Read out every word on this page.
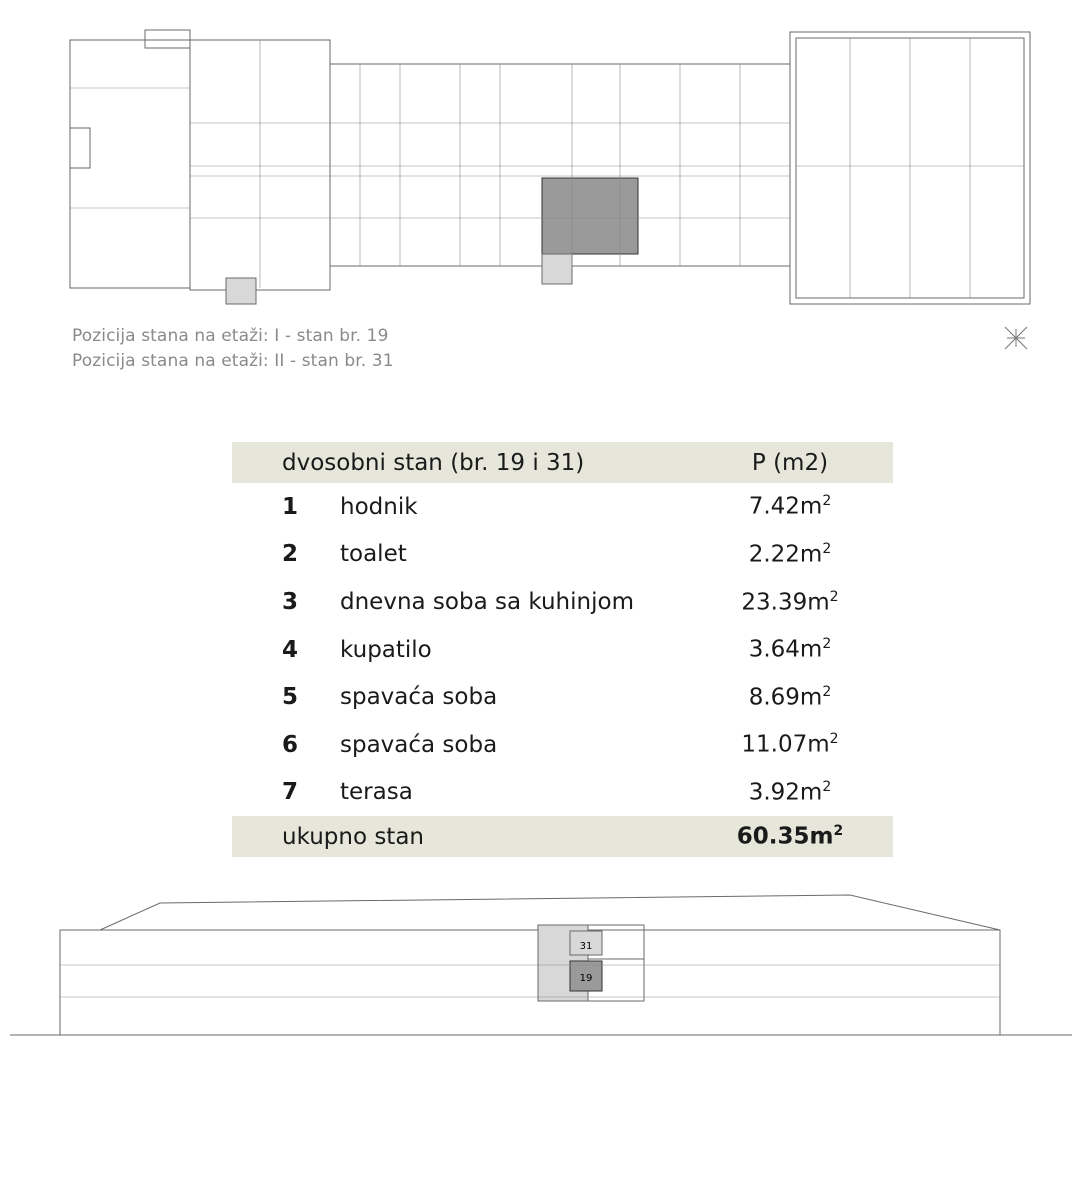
Pozicija stana na etaži: I - stan br. 19
Pozicija stana na etaži: II - stan br. 31
dvosobni stan (br. 19 i 31)	P (m2)
1	hodnik	$7.42m^2$
2	toalet	$2.22m^2$
3	dnevna soba sa kuhinjom	$23.39m^2$
4	kupatilo	$3.64m^2$
5	spavaća soba	$8.69m^2$
6	spavaća soba	$11.07m^2$
7	terasa	$3.92m^2$
ukupno stan	$60.35m^2$
31
19
